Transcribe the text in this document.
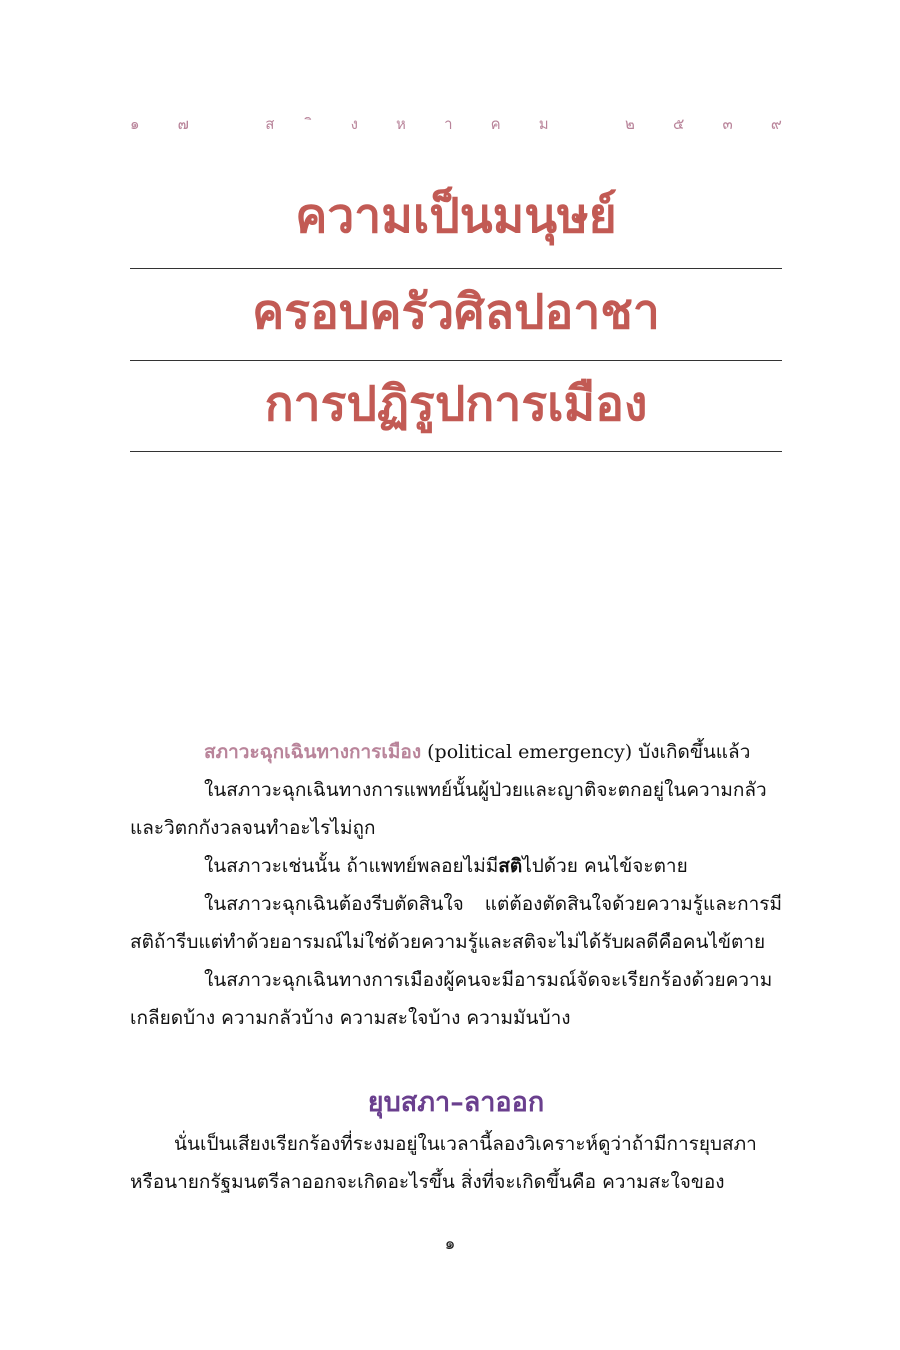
๑	๗	ส	ง	ห	า	ค	ม	๒	๕	๓	๙
ความเป็นมนุษย์
ครอบครัวศิลปอาชา
การปฏิรูปการเมือง

สภาวะฉุกเฉินทางการเมือง (political emergency) บังเกิดขึ้นแล้ว

ในสภาวะฉุกเฉินทางการแพทย์นั้นผู้ป่วยและญาติจะตกอยู่ในความกลัวและวิตกกังวลจนทำอะไรไม่ถูก

ในสภาวะเช่นนั้น ถ้าแพทย์พลอยไม่มีสติไปด้วย คนไข้จะตาย

ในสภาวะฉุกเฉินต้องรีบตัดสินใจ แต่ต้องตัดสินใจด้วยความรู้และการมีสติถ้ารีบแต่ทำด้วยอารมณ์ไม่ใช่ด้วยความรู้และสติจะไม่ได้รับผลดีคือคนไข้ตาย

ในสภาวะฉุกเฉินทางการเมืองผู้คนจะมีอารมณ์จัดจะเรียกร้องด้วยความเกลียดบ้าง ความกลัวบ้าง ความสะใจบ้าง ความมันบ้าง

ยุบสภา–ลาออก

นั่นเป็นเสียงเรียกร้องที่ระงมอยู่ในเวลานี้ลองวิเคราะห์ดูว่าถ้ามีการยุบสภาหรือนายกรัฐมนตรีลาออกจะเกิดอะไรขึ้น สิ่งที่จะเกิดขึ้นคือ ความสะใจของ

๑
